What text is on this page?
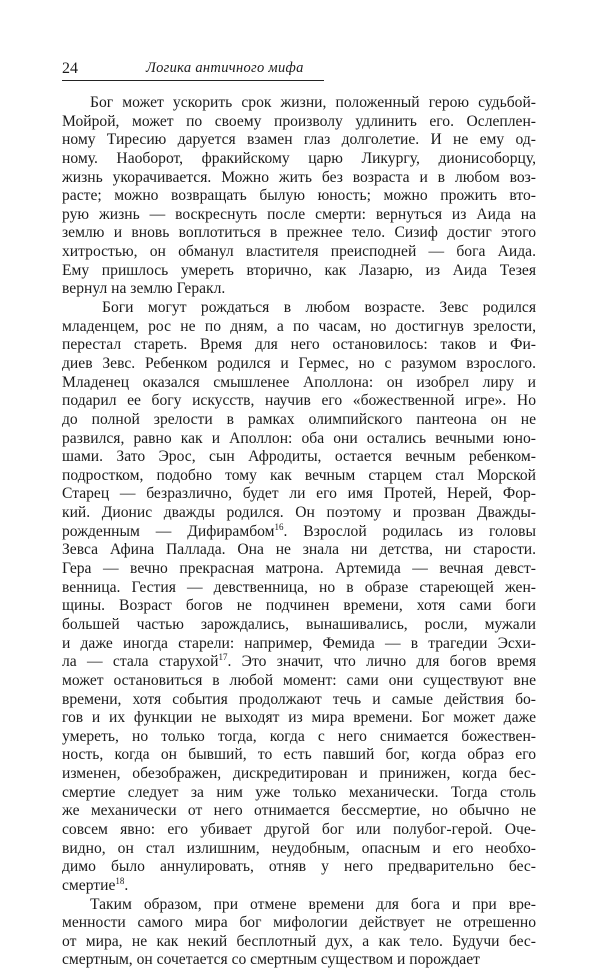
24	Логика античного мифа
Бог может ускорить срок жизни, положенный герою судьбой-
Мойрой, может по своему произволу удлинить его. Ослеплен-
ному Тиресию даруется взамен глаз долголетие. И не ему од-
ному. Наоборот, фракийскому царю Ликургу, дионисоборцу,
жизнь укорачивается. Можно жить без возраста и в любом воз-
расте; можно возвращать былую юность; можно прожить вто-
рую жизнь — воскреснуть после смерти: вернуться из Аида на
землю и вновь воплотиться в прежнее тело. Сизиф достиг этого
хитростью, он обманул властителя преисподней — бога Аида.
Ему пришлось умереть вторично, как Лазарю, из Аида Тезея
вернул на землю Геракл.
Боги могут рождаться в любом возрасте. Зевс родился
младенцем, рос не по дням, а по часам, но достигнув зрелости,
перестал стареть. Время для него остановилось: таков и Фи-
диев Зевс. Ребенком родился и Гермес, но с разумом взрослого.
Младенец оказался смышленее Аполлона: он изобрел лиру и
подарил ее богу искусств, научив его «божественной игре». Но
до полной зрелости в рамках олимпийского пантеона он не
развился, равно как и Аполлон: оба они остались вечными юно-
шами. Зато Эрос, сын Афродиты, остается вечным ребенком-
подростком, подобно тому как вечным старцем стал Морской
Старец — безразлично, будет ли его имя Протей, Нерей, Фор-
кий. Дионис дважды родился. Он поэтому и прозван Дважды-
рожденным — Дифирамбом$^{16}$. Взрослой родилась из головы
Зевса Афина Паллада. Она не знала ни детства, ни старости.
Гера — вечно прекрасная матрона. Артемида — вечная девст-
венница. Гестия — девственница, но в образе стареющей жен-
щины. Возраст богов не подчинен времени, хотя сами боги
большей частью зарождались, вынашивались, росли, мужали
и даже иногда старели: например, Фемида — в трагедии Эсхи-
ла — стала старухой$^{17}$. Это значит, что лично для богов время
может остановиться в любой момент: сами они существуют вне
времени, хотя события продолжают течь и самые действия бо-
гов и их функции не выходят из мира времени. Бог может даже
умереть, но только тогда, когда с него снимается божествен-
ность, когда он бывший, то есть павший бог, когда образ его
изменен, обезображен, дискредитирован и принижен, когда бес-
смертие следует за ним уже только механически. Тогда столь
же механически от него отнимается бессмертие, но обычно не
совсем явно: его убивает другой бог или полубог-герой. Оче-
видно, он стал излишним, неудобным, опасным и его необхо-
димо было аннулировать, отняв у него предварительно бес-
смертие$^{18}$.
Таким образом, при отмене времени для бога и при вре-
менности самого мира бог мифологии действует не отрешенно
от мира, не как некий бесплотный дух, а как тело. Будучи бес-
смертным, он сочетается со смертным существом и порождает
